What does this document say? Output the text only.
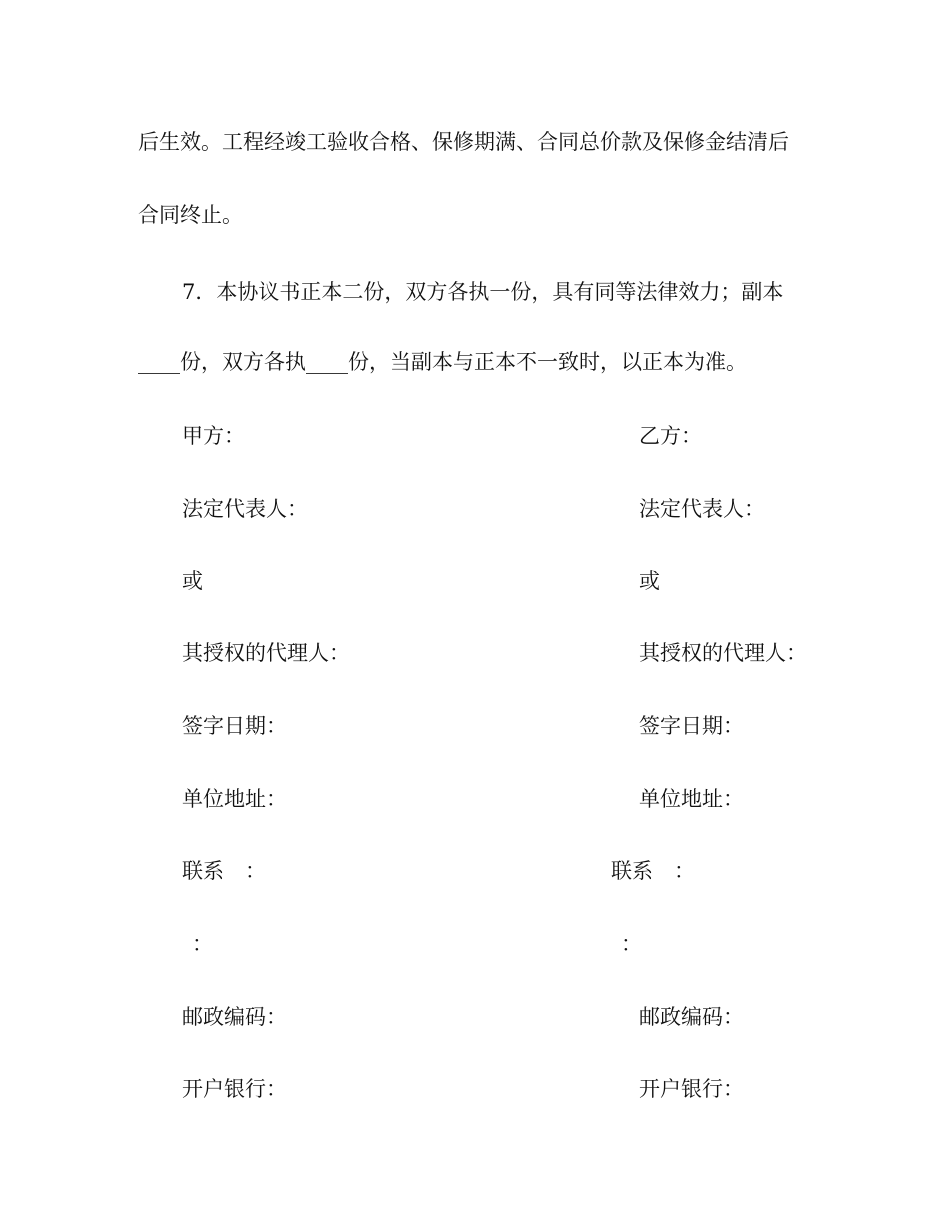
后生效。工程经竣工验收合格、保修期满、合同总价款及保修金结清后
合同终止。
7．本协议书正本二份，双方各执一份，具有同等法律效力；副本
____份，双方各执____份，当副本与正本不一致时，以正本为准。
甲方：
法定代表人：
或
其授权的代理人：
签字日期：
单位地址：
联系　：
：
邮政编码：
开户银行：
乙方：
法定代表人：
或
其授权的代理人：
签字日期：
单位地址：
联系　：
：
邮政编码：
开户银行：
